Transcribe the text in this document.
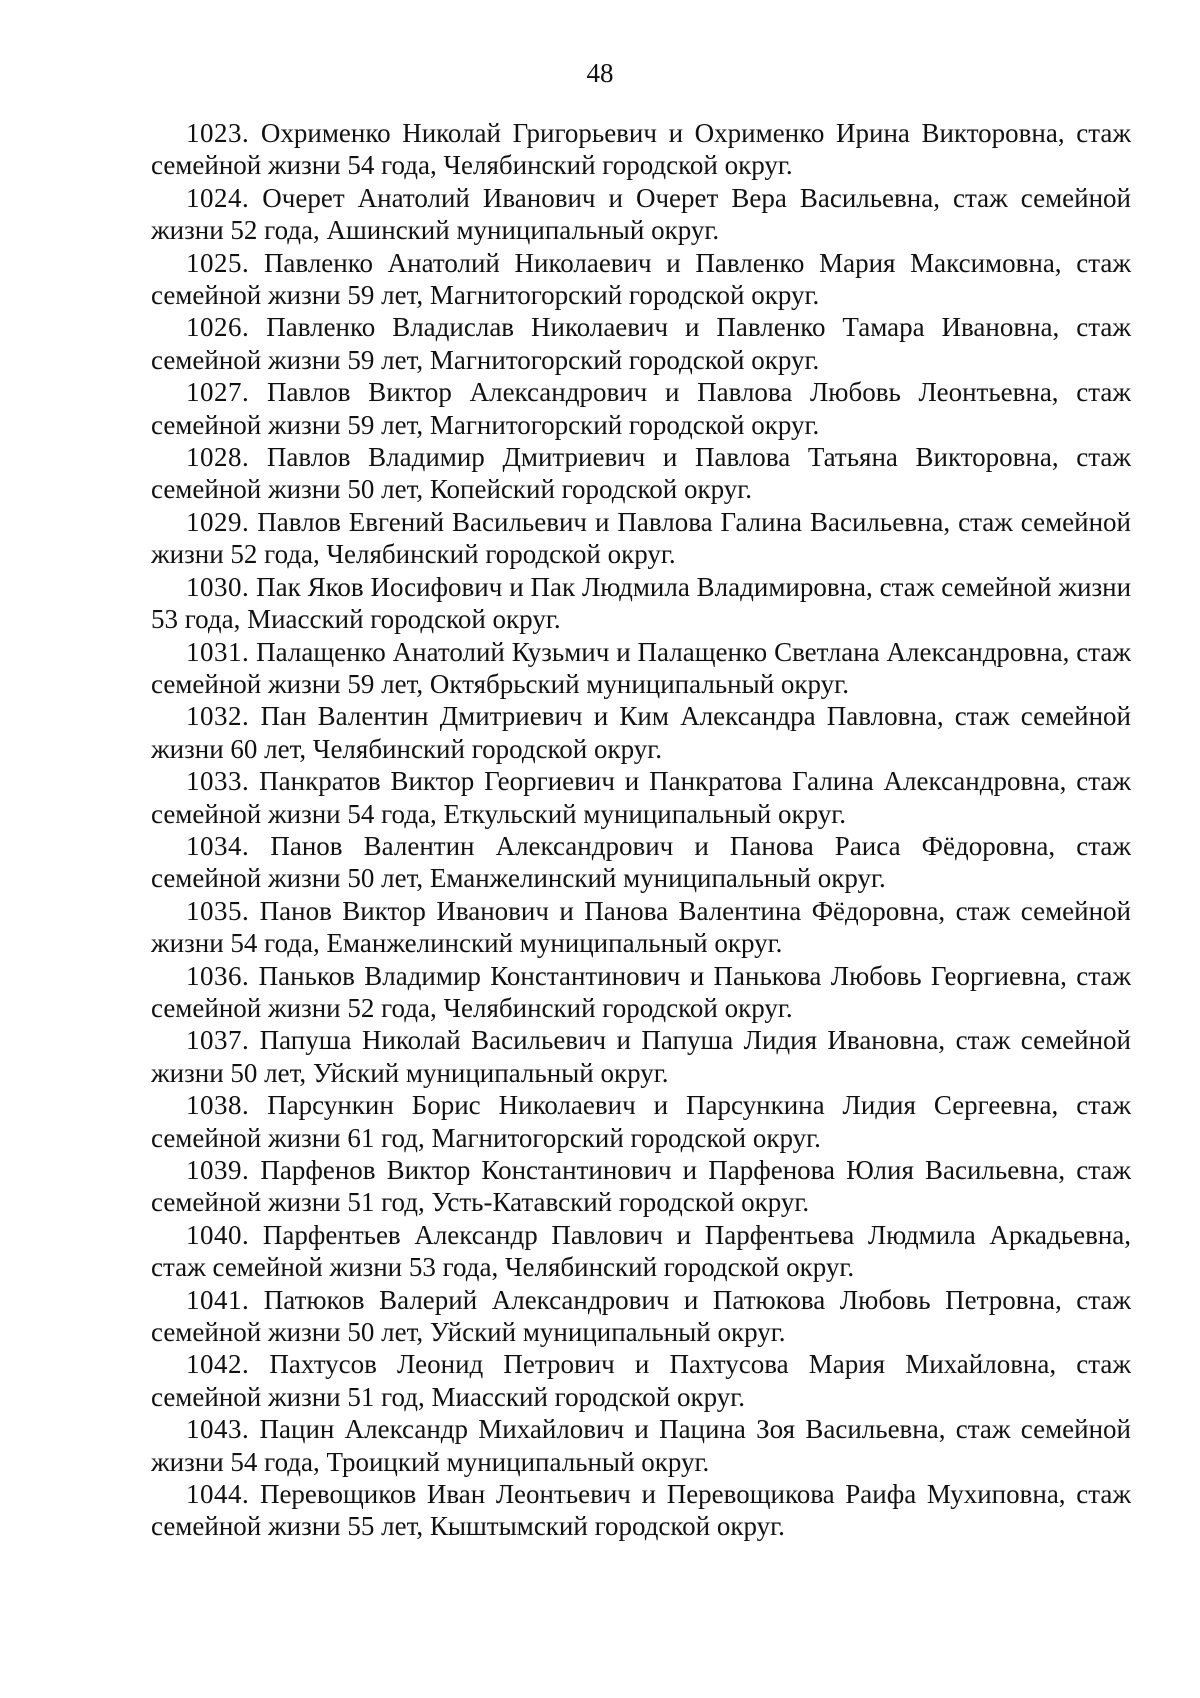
48

1023. Охрименко Николай Григорьевич и Охрименко Ирина Викторовна, стаж семейной жизни 54 года, Челябинский городской округ.

1024. Очерет Анатолий Иванович и Очерет Вера Васильевна, стаж семейной жизни 52 года, Ашинский муниципальный округ.

1025. Павленко Анатолий Николаевич и Павленко Мария Максимовна, стаж семейной жизни 59 лет, Магнитогорский городской округ.

1026. Павленко Владислав Николаевич и Павленко Тамара Ивановна, стаж семейной жизни 59 лет, Магнитогорский городской округ.

1027. Павлов Виктор Александрович и Павлова Любовь Леонтьевна, стаж семейной жизни 59 лет, Магнитогорский городской округ.

1028. Павлов Владимир Дмитриевич и Павлова Татьяна Викторовна, стаж семейной жизни 50 лет, Копейский городской округ.

1029. Павлов Евгений Васильевич и Павлова Галина Васильевна, стаж семейной жизни 52 года, Челябинский городской округ.

1030. Пак Яков Иосифович и Пак Людмила Владимировна, стаж семейной жизни 53 года, Миасский городской округ.

1031. Палащенко Анатолий Кузьмич и Палащенко Светлана Александровна, стаж семейной жизни 59 лет, Октябрьский муниципальный округ.

1032. Пан Валентин Дмитриевич и Ким Александра Павловна, стаж семейной жизни 60 лет, Челябинский городской округ.

1033. Панкратов Виктор Георгиевич и Панкратова Галина Александровна, стаж семейной жизни 54 года, Еткульский муниципальный округ.

1034. Панов Валентин Александрович и Панова Раиса Фёдоровна, стаж семейной жизни 50 лет, Еманжелинский муниципальный округ.

1035. Панов Виктор Иванович и Панова Валентина Фёдоровна, стаж семейной жизни 54 года, Еманжелинский муниципальный округ.

1036. Паньков Владимир Константинович и Панькова Любовь Георгиевна, стаж семейной жизни 52 года, Челябинский городской округ.

1037. Папуша Николай Васильевич и Папуша Лидия Ивановна, стаж семейной жизни 50 лет, Уйский муниципальный округ.

1038. Парсункин Борис Николаевич и Парсункина Лидия Сергеевна, стаж семейной жизни 61 год, Магнитогорский городской округ.

1039. Парфенов Виктор Константинович и Парфенова Юлия Васильевна, стаж семейной жизни 51 год, Усть-Катавский городской округ.

1040. Парфентьев Александр Павлович и Парфентьева Людмила Аркадьевна, стаж семейной жизни 53 года, Челябинский городской округ.

1041. Патюков Валерий Александрович и Патюкова Любовь Петровна, стаж семейной жизни 50 лет, Уйский муниципальный округ.

1042. Пахтусов Леонид Петрович и Пахтусова Мария Михайловна, стаж семейной жизни 51 год, Миасский городской округ.

1043. Пацин Александр Михайлович и Пацина Зоя Васильевна, стаж семейной жизни 54 года, Троицкий муниципальный округ.

1044. Перевощиков Иван Леонтьевич и Перевощикова Раифа Мухиповна, стаж семейной жизни 55 лет, Кыштымский городской округ.
